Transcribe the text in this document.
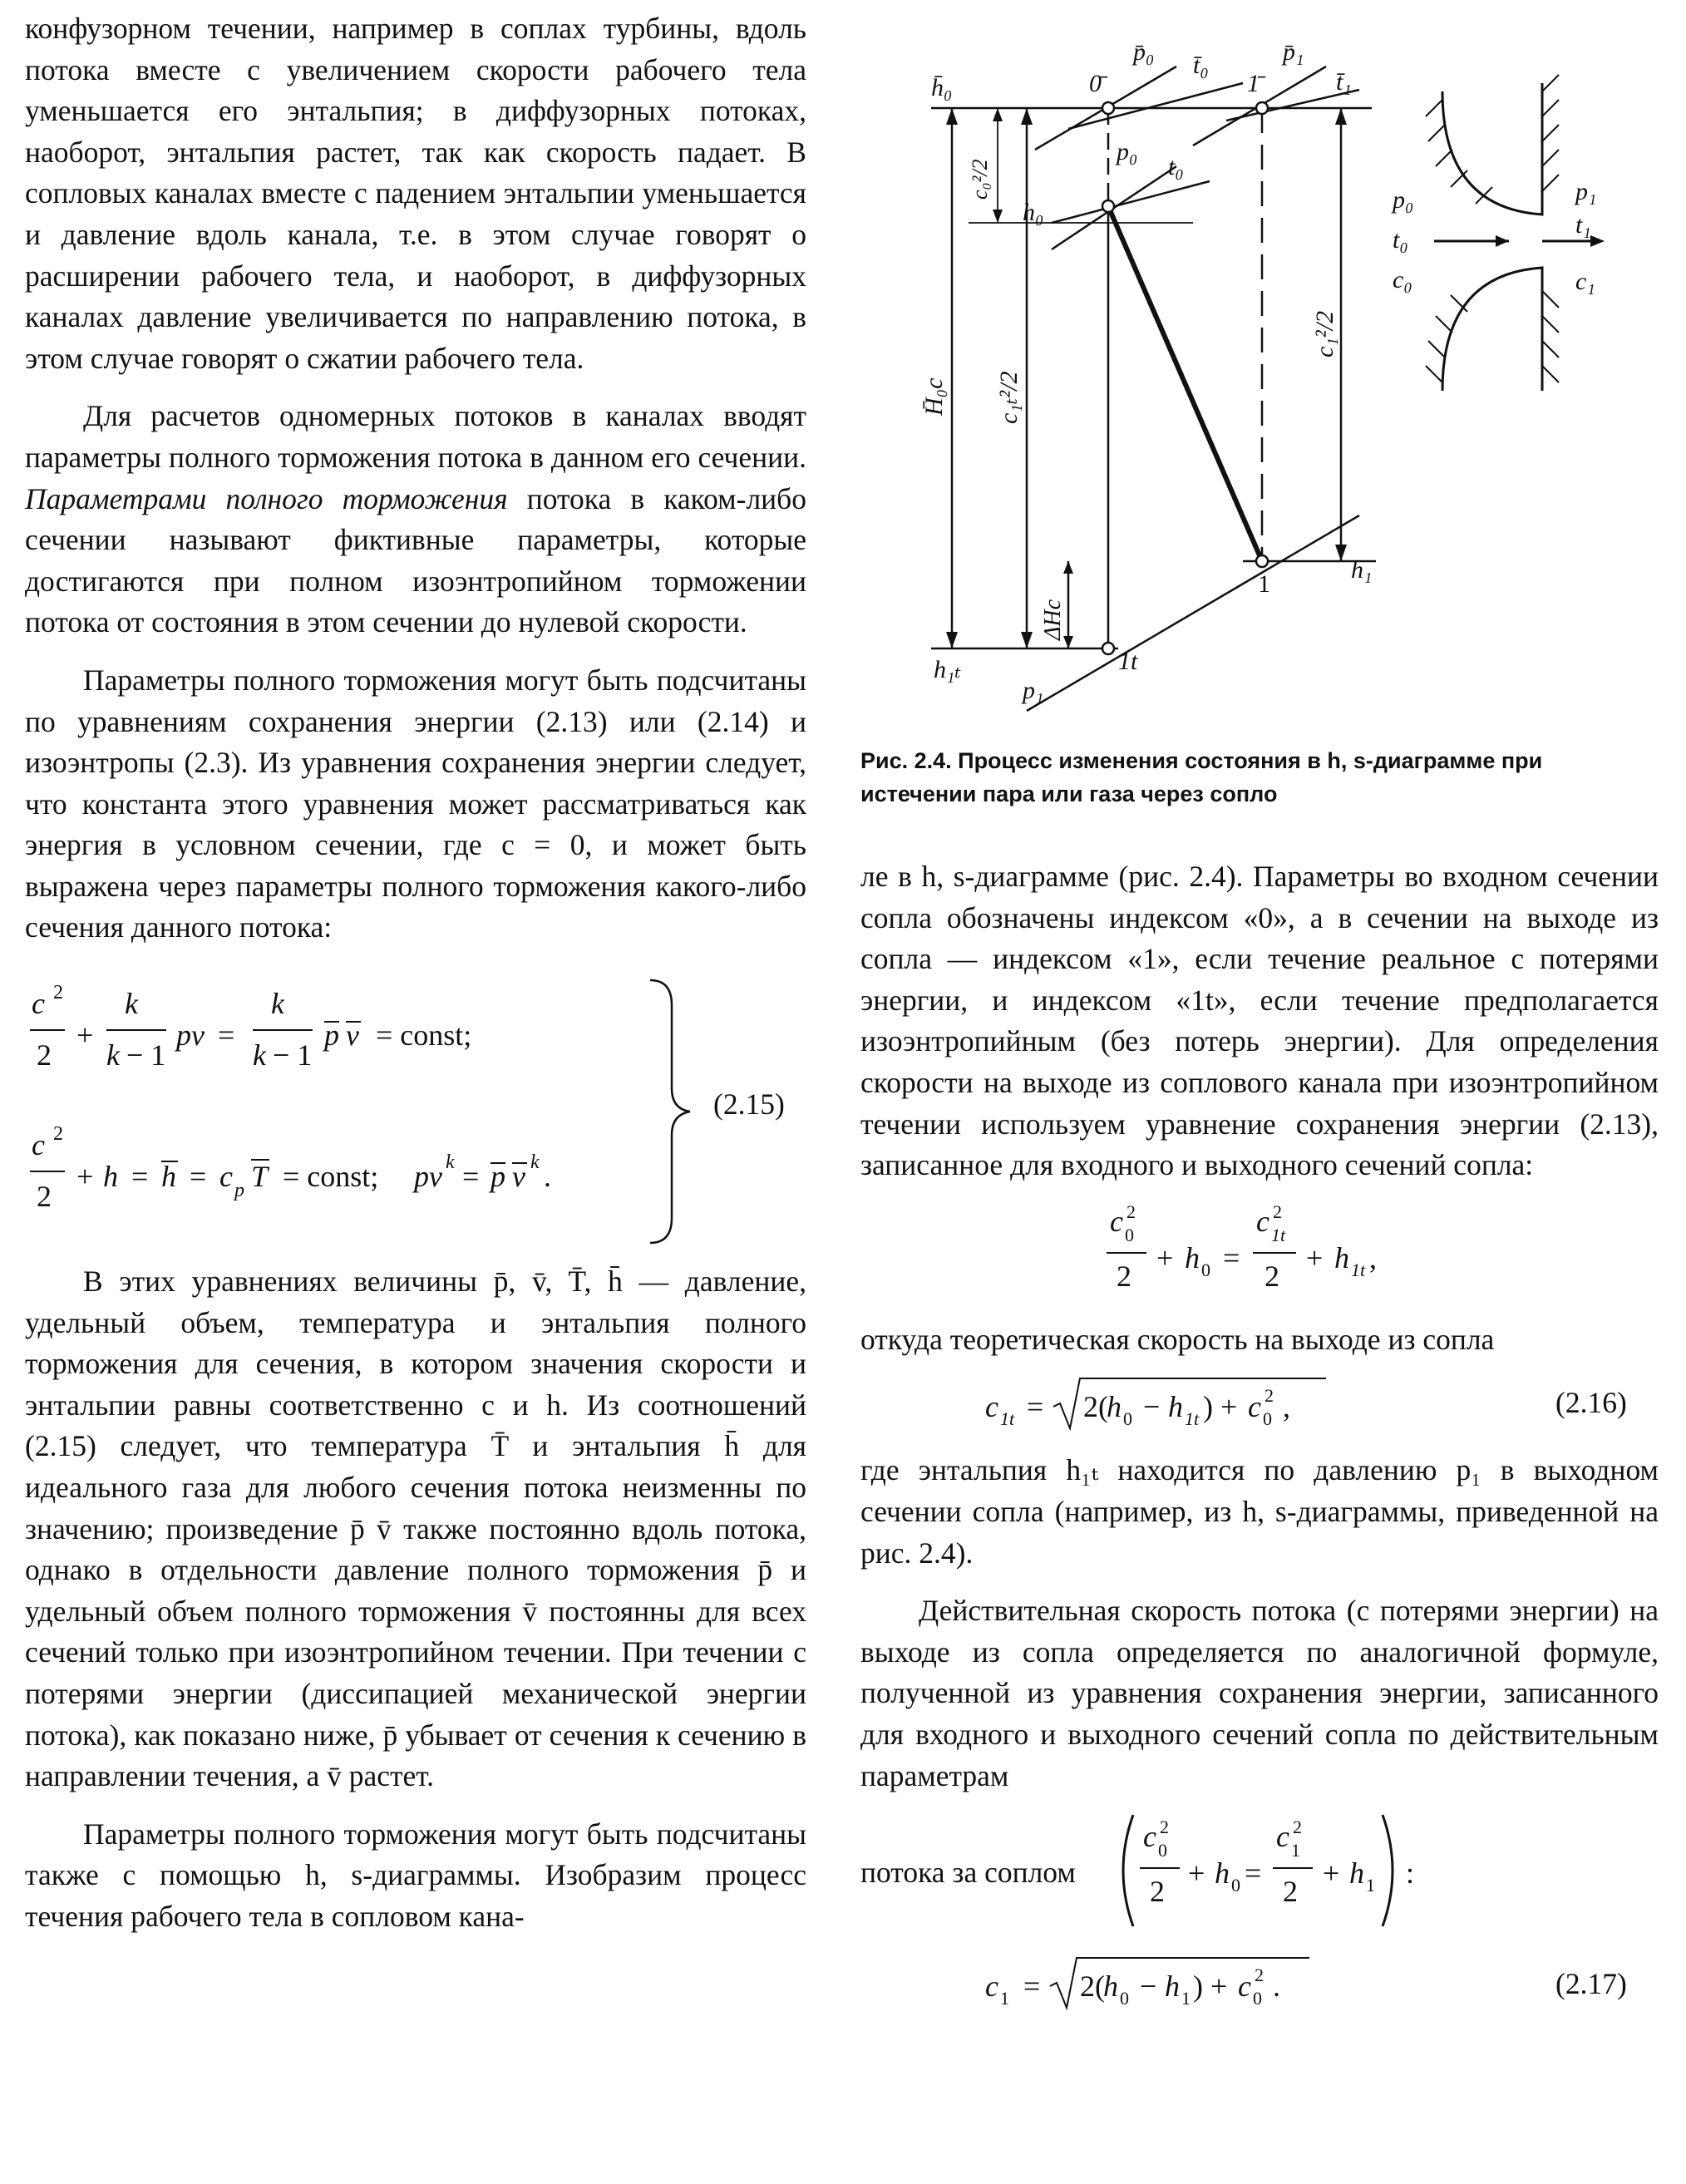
конфузорном течении, например в соплах турбины, вдоль потока вместе с увеличением скорости рабочего тела уменьшается его энтальпия; в диффузорных потоках, наоборот, энтальпия растет, так как скорость падает. В сопловых каналах вместе с падением энтальпии уменьшается и давление вдоль канала, т.е. в этом случае говорят о расширении рабочего тела, и наоборот, в диффузорных каналах давление увеличивается по направлению потока, в этом случае говорят о сжатии рабочего тела.

Для расчетов одномерных потоков в каналах вводят параметры полного торможения потока в данном его сечении. Параметрами полного торможения потока в каком-либо сечении называют фиктивные параметры, которые достигаются при полном изоэнтропийном торможении потока от состояния в этом сечении до нулевой скорости.

Параметры полного торможения могут быть подсчитаны по уравнениям сохранения энергии (2.13) или (2.14) и изоэнтропы (2.3). Из уравнения сохранения энергии следует, что константа этого уравнения может рассматриваться как энергия в условном сечении, где c = 0, и может быть выражена через параметры полного торможения какого-либо сечения данного потока:

c 2
2
+
k
k − 1
pv =
k
k − 1
p v = const;
c 2
2
+ h = h = c p T = const; pv k = p v k .
(2.15)

В этих уравнениях величины p̄, v̄, T̄, h̄ — давление, удельный объем, температура и энтальпия полного торможения для сечения, в котором значения скорости и энтальпии равны соответственно c и h. Из соотношений (2.15) следует, что температура T̄ и энтальпия h̄ для идеального газа для любого сечения потока неизменны по значению; произведение p̄ v̄ также постоянно вдоль потока, однако в отдельности давление полного торможения p̄ и удельный объем полного торможения v̄ постоянны для всех сечений только при изоэнтропийном течении. При течении с потерями энергии (диссипацией механической энергии потока), как показано ниже, p̄ убывает от сечения к сечению в направлении течения, а v̄ растет.

Параметры полного торможения могут быть подсчитаны также с помощью h, s-диаграммы. Изобразим процесс течения рабочего тела в сопловом кана-

h̄₀	0̄
p̄₀ t̄₀
1̄
p̄₁
t̄₁
p₀
t₀
h₀
h₁
h₁ₜ
1
1t
p₁
c₀²/2
c₁ₜ²/2
c₁²/2
H̄₀c
ΔHc
p₀
t₀
c₀
p₁
t₁
c₁

Рис. 2.4. Процесс изменения состояния в h, s-диаграмме при истечении пара или газа через сопло

ле в h, s-диаграмме (рис. 2.4). Параметры во входном сечении сопла обозначены индексом «0», а в сечении на выходе из сопла — индексом «1», если течение реальное с потерями энергии, и индексом «1t», если течение предполагается изоэнтропийным (без потерь энергии). Для определения скорости на выходе из соплового канала при изоэнтропийном течении используем уравнение сохранения энергии (2.13), записанное для входного и выходного сечений сопла:

c 0
2
2
+ h 0 =
c 1t
2
2
+ h 1t ,

откуда теоретическая скорость на выходе из сопла

c 1t = 2(
h 0 − h 1t ) + c 0
2 ,	(2.16)

где энтальпия h₁ₜ находится по давлению p₁ в выходном сечении сопла (например, из h, s-диаграммы, приведенной на рис. 2.4).

Действительная скорость потока (с потерями энергии) на выходе из сопла определяется по аналогичной формуле, полученной из уравнения сохранения энергии, записанного для входного и выходного сечений сопла по действительным параметрам

потока за соплом
c 0
2
2
+ h 0 =
c 1
2
2
+ h 1 :
c 1 = 2(
h 0 − h 1 ) + c 0
2 .	(2.17)
